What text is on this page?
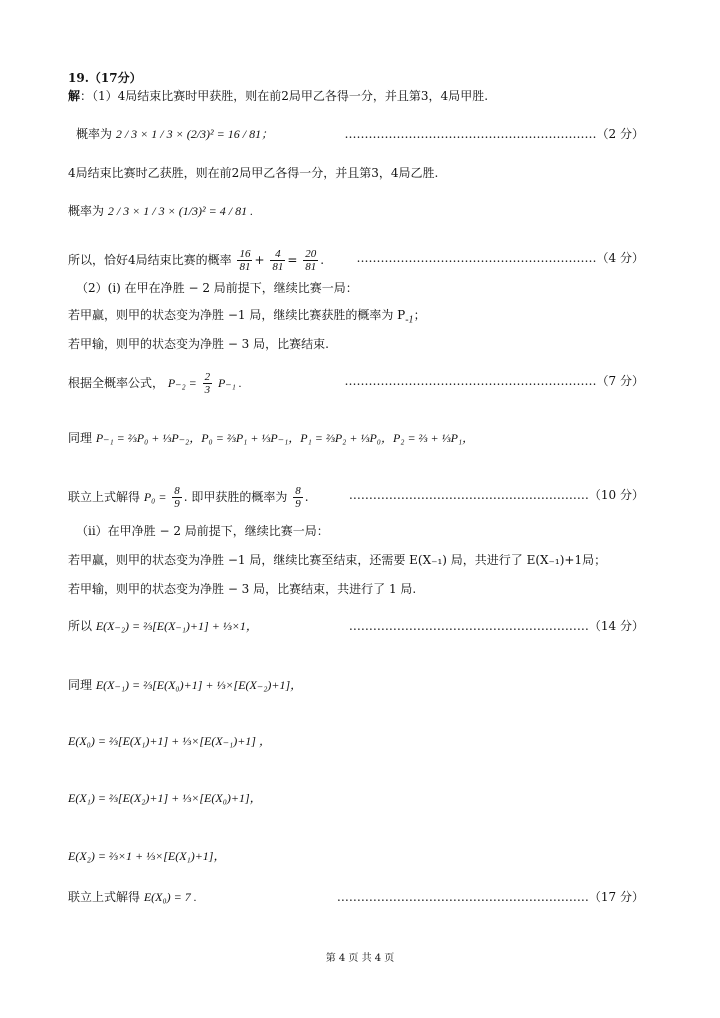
19.（17分）
解：（1）4局结束比赛时甲获胜，则在前2局甲乙各得一分，并且第3，4局甲胜.
概率为 2 / 3 × 1 / 3 × (2/3)² = 16 / 81；	………………………………………………………（2 分）
4局结束比赛时乙获胜，则在前2局甲乙各得一分，并且第3，4局乙胜.
概率为 2 / 3 × 1 / 3 × (1/3)² = 4 / 81 .
所以，恰好4局结束比赛的概率 $\frac{16}{81} + \frac{4}{81} = \frac{20}{81}$ .	……………………………………………………（4 分）
（2）(i) 在甲在净胜 − 2 局前提下，继续比赛一局：
若甲赢，则甲的状态变为净胜 −1 局，继续比赛获胜的概率为 $P_{-1}$；
若甲输，则甲的状态变为净胜 − 3 局，比赛结束.
根据全概率公式， $P_{-2} = \frac{2}{3} P_{-1}$ .	………………………………………………………（7 分）
同理 P₋₁ = ⅔P₀ + ⅓P₋₂，P₀ = ⅔P₁ + ⅓P₋₁，P₁ = ⅔P₂ + ⅓P₀，P₂ = ⅔ + ⅓P₁，
联立上式解得 $P_0 = \frac{8}{9}$ . 即甲获胜的概率为 $\frac{8}{9}$ .	……………………………………………………（10 分）
（ii）在甲净胜 − 2 局前提下，继续比赛一局：
若甲赢，则甲的状态变为净胜 −1 局，继续比赛至结束，还需要 E(X₋₁) 局，共进行了 E(X₋₁)+1局；
若甲输，则甲的状态变为净胜 − 3 局，比赛结束，共进行了 1 局.
所以 E(X₋₂) = ⅔[E(X₋₁)+1] + ⅓×1，	……………………………………………………（14 分）
同理 E(X₋₁) = ⅔[E(X₀)+1] + ⅓×[E(X₋₂)+1]，
E(X₀) = ⅔[E(X₁)+1] + ⅓×[E(X₋₁)+1] ，
E(X₁) = ⅔[E(X₂)+1] + ⅓×[E(X₀)+1]，
E(X₂) = ⅔×1 + ⅓×[E(X₁)+1]，
联立上式解得 E(X₀) = 7 .	………………………………………………………（17 分）
第 4 页 共 4 页
